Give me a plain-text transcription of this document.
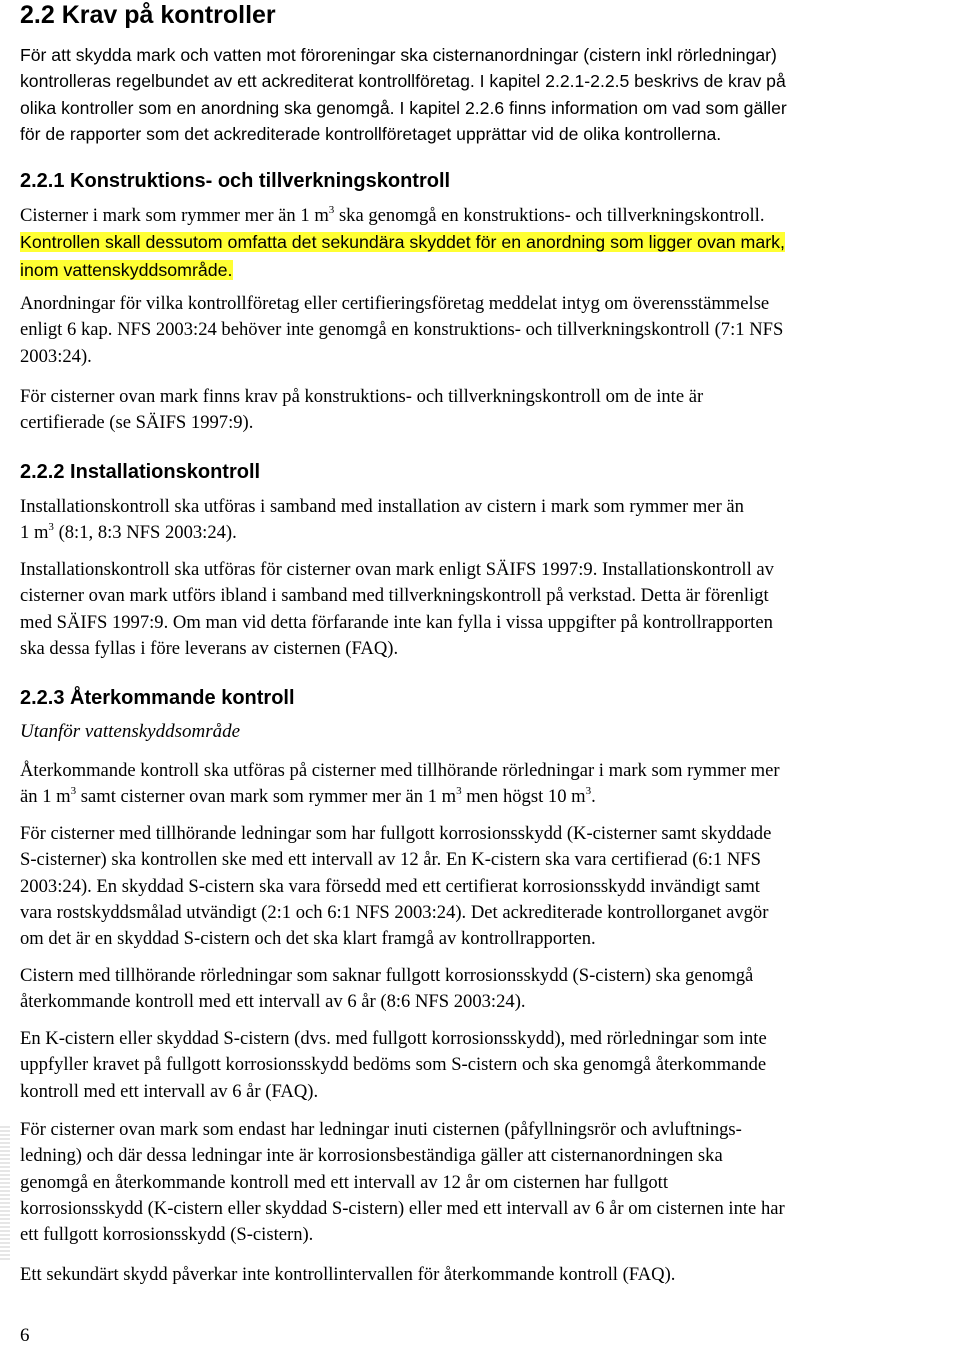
2.2 Krav på kontroller
För att skydda mark och vatten mot föroreningar ska cisternanordningar (cistern inkl rörledningar)
kontrolleras regelbundet av ett ackrediterat kontrollföretag. I kapitel 2.2.1-2.2.5 beskrivs de krav på
olika kontroller som en anordning ska genomgå. I kapitel 2.2.6 finns information om vad som gäller
för de rapporter som det ackrediterade kontrollföretaget upprättar vid de olika kontrollerna.
2.2.1 Konstruktions- och tillverkningskontroll
Cisterner i mark som rymmer mer än 1 $m^3$ ska genomgå en konstruktions- och tillverkningskontroll.
Kontrollen skall dessutom omfatta det sekundära skyddet för en anordning som ligger ovan mark,
inom vattenskyddsområde.
Anordningar för vilka kontrollföretag eller certifieringsföretag meddelat intyg om överensstämmelse
enligt 6 kap. NFS 2003:24 behöver inte genomgå en konstruktions- och tillverkningskontroll (7:1 NFS
2003:24).
För cisterner ovan mark finns krav på konstruktions- och tillverkningskontroll om de inte är
certifierade (se SÄIFS 1997:9).
2.2.2 Installationskontroll
Installationskontroll ska utföras i samband med installation av cistern i mark som rymmer mer än
1 $m^3$ (8:1, 8:3 NFS 2003:24).
Installationskontroll ska utföras för cisterner ovan mark enligt SÄIFS 1997:9. Installationskontroll av
cisterner ovan mark utförs ibland i samband med tillverkningskontroll på verkstad. Detta är förenligt
med SÄIFS 1997:9. Om man vid detta förfarande inte kan fylla i vissa uppgifter på kontrollrapporten
ska dessa fyllas i före leverans av cisternen (FAQ).
2.2.3 Återkommande kontroll
Utanför vattenskyddsområde
Återkommande kontroll ska utföras på cisterner med tillhörande rörledningar i mark som rymmer mer
än 1 $m^3$ samt cisterner ovan mark som rymmer mer än 1 $m^3$ men högst 10 $m^3$.
För cisterner med tillhörande ledningar som har fullgott korrosionsskydd (K-cisterner samt skyddade
S-cisterner) ska kontrollen ske med ett intervall av 12 år. En K-cistern ska vara certifierad (6:1 NFS
2003:24). En skyddad S-cistern ska vara försedd med ett certifierat korrosionsskydd invändigt samt
vara rostskyddsmålad utvändigt (2:1 och 6:1 NFS 2003:24). Det ackrediterade kontrollorganet avgör
om det är en skyddad S-cistern och det ska klart framgå av kontrollrapporten.
Cistern med tillhörande rörledningar som saknar fullgott korrosionsskydd (S-cistern) ska genomgå
återkommande kontroll med ett intervall av 6 år (8:6 NFS 2003:24).
En K-cistern eller skyddad S-cistern (dvs. med fullgott korrosionsskydd), med rörledningar som inte
uppfyller kravet på fullgott korrosionsskydd bedöms som S-cistern och ska genomgå återkommande
kontroll med ett intervall av 6 år (FAQ).
För cisterner ovan mark som endast har ledningar inuti cisternen (påfyllningsrör och avluftnings-
ledning) och där dessa ledningar inte är korrosionsbeständiga gäller att cisternanordningen ska
genomgå en återkommande kontroll med ett intervall av 12 år om cisternen har fullgott
korrosionsskydd (K-cistern eller skyddad S-cistern) eller med ett intervall av 6 år om cisternen inte har
ett fullgott korrosionsskydd (S-cistern).
Ett sekundärt skydd påverkar inte kontrollintervallen för återkommande kontroll (FAQ).
6
